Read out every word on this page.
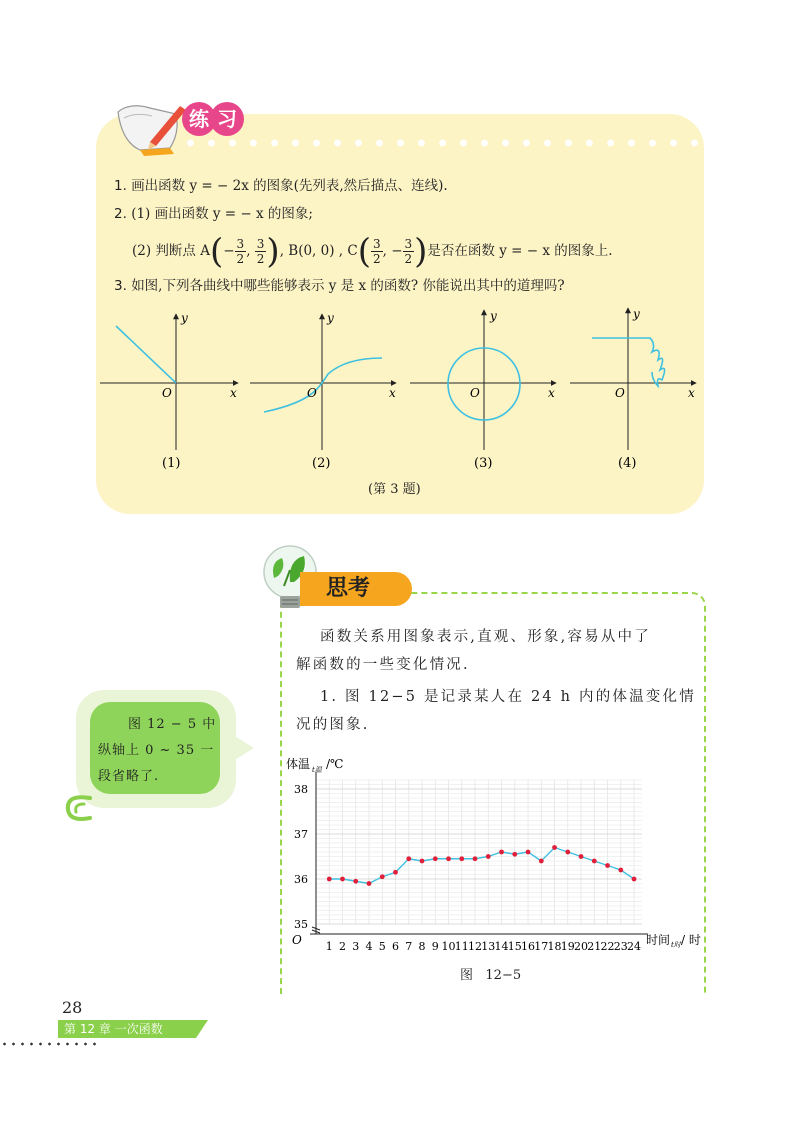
练 习
1. 画出函数 y = − 2x 的图象(先列表,然后描点、连线).
2. (1) 画出函数 y = − x 的图象;
(2) 判断点 $A(- \frac{3}{2}$ , $\frac{3}{2}$ ), B(0, 0) , $C( \frac{3}{2}$ , − $\frac{3}{2}$ )是否在函数 y = − x 的图象上.
3. 如图,下列各曲线中哪些能够表示 y 是 x 的函数? 你能说出其中的道理吗?
y
x
O
(1)
y
x
O
(2)
y
x
O
(3)
y
x
O
(4)
(第 3 题)
思考
函数关系用图象表示,直观、形象,容易从中了
解函数的一些变化情况.
1. 图 12−5 是记录某人在 24 h 内的体温变化情
况的图象.
35
36
37
38
1 2 3 4 5 6 7 8 9 10 11 12 13 14 15 16 17 18 19 20 21 22 23 24
体温 t温 /℃
时间 t时 / 时
O
图   12−5
图 12 − 5 中
纵轴上 0 ~ 35 一
段省略了.
28
第 12 章 一次函数
